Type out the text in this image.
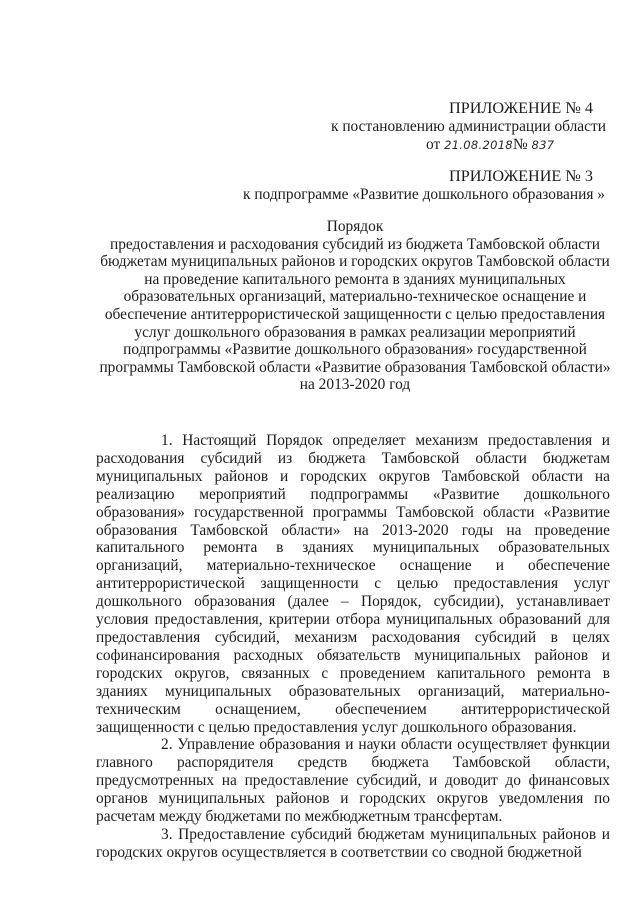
ПРИЛОЖЕНИЕ № 4
к постановлению администрации области
от 21.08.2018№ 837
ПРИЛОЖЕНИЕ № 3
к подпрограмме «Развитие дошкольного образования »
Порядок
предоставления и расходования субсидий из бюджета Тамбовской области
бюджетам муниципальных районов и городских округов Тамбовской области
на проведение капитального ремонта в зданиях муниципальных
образовательных организаций, материально-техническое оснащение и
обеспечение антитеррористической защищенности с целью предоставления
услуг дошкольного образования в рамках реализации мероприятий
подпрограммы «Развитие дошкольного образования» государственной
программы Тамбовской области «Развитие образования Тамбовской области»
на 2013-2020 год

1. Настоящий Порядок определяет механизм предоставления и расходования субсидий из бюджета Тамбовской области бюджетам муниципальных районов и городских округов Тамбовской области на реализацию мероприятий подпрограммы «Развитие дошкольного образования» государственной программы Тамбовской области «Развитие образования Тамбовской области» на 2013-2020 годы на проведение капитального ремонта в зданиях муниципальных образовательных организаций, материально-техническое оснащение и обеспечение антитеррористической защищенности с целью предоставления услуг дошкольного образования (далее – Порядок, субсидии), устанавливает условия предоставления, критерии отбора муниципальных образований для предоставления субсидий, механизм расходования субсидий в целях софинансирования расходных обязательств муниципальных районов и городских округов, связанных с проведением капитального ремонта в зданиях муниципальных образовательных организаций, материально-техническим оснащением, обеспечением антитеррористической защищенности с целью предоставления услуг дошкольного образования.

2. Управление образования и науки области осуществляет функции главного распорядителя средств бюджета Тамбовской области, предусмотренных на предоставление субсидий, и доводит до финансовых органов муниципальных районов и городских округов уведомления по расчетам между бюджетами по межбюджетным трансфертам.

3. Предоставление субсидий бюджетам муниципальных районов и городских округов осуществляется в соответствии со сводной бюджетной
